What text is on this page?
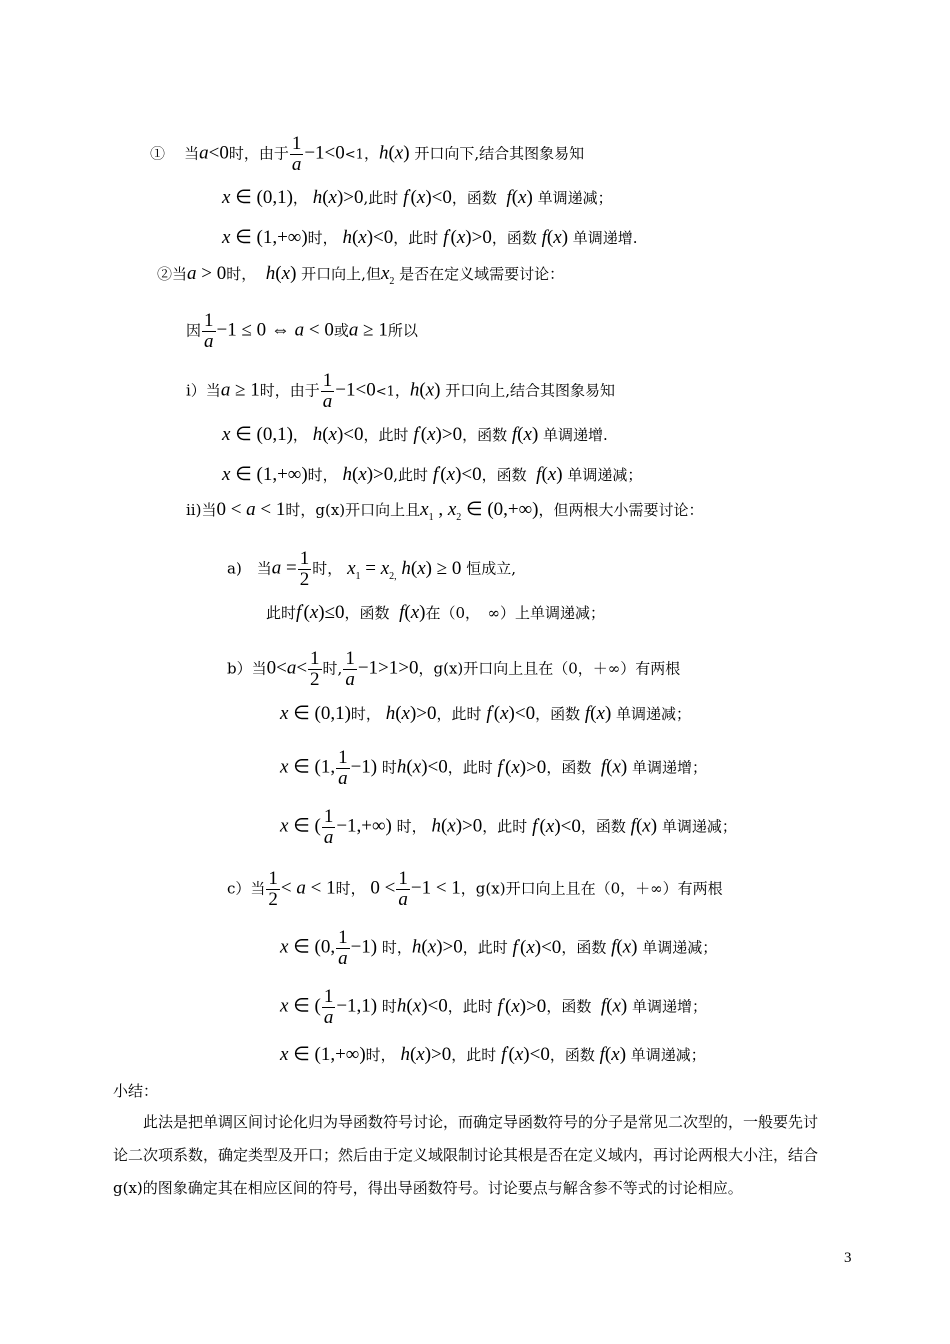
① 当a<0时，由于 $\frac{1}{a} -1<0<1$，h(x) 开口向下,结合其图象易知
x ∈ (0,1)， h(x)>0,此时 f′(x)<0，函数 f(x) 单调递减；
x ∈ (1,+∞)时， h(x)<0，此时 f′(x)>0，函数 f(x) 单调递增.
②当a > 0时， h(x) 开口向上,但$x_2$ 是否在定义域需要讨论：
因 $\frac{1}{a} -1 \le 0$ ⇔ a < 0或a ≥ 1所以
i）当a ≥ 1时，由于 $\frac{1}{a} -1<0<1$，h(x) 开口向上,结合其图象易知
x ∈ (0,1)， h(x)<0，此时 f′(x)>0，函数 f(x) 单调递增.
x ∈ (1,+∞)时， h(x)>0,此时 f′(x)<0，函数 f(x) 单调递减；
ii)当0 < a < 1时，g(x)开口向上且$x_1$ , $x_2$ ∈ (0,+∞)，但两根大小需要讨论：
a)　当$a = \frac{1}{2}$ 时， $x_1 = x_{2,}$ h(x) ≥ 0 恒成立,
此时f′(x)≤0，函数 f(x)在（0，　∞）上单调递减；
b）当$0<a< \frac{1}{2}$ 时, $\frac{1}{a} -1>1>0$，g(x)开口向上且在（0，＋∞）有两根
x ∈ (0,1)时， h(x)>0，此时 f′(x)<0，函数 f(x) 单调递减；
x ∈ (1, $\frac{1}{a} -1$) 时h(x)<0，此时 f′(x)>0，函数 f(x) 单调递增；
x ∈ ( $\frac{1}{a} -1,+\infty$) 时， h(x)>0，此时 f′(x)<0，函数 f(x) 单调递减；
c）当 $\frac{1}{2} < a < 1$时， $0 < \frac{1}{a} -1 < 1$，g(x)开口向上且在（0，＋∞）有两根
x ∈ (0, $\frac{1}{a} -1$) 时，h(x)>0，此时 f′(x)<0，函数 f(x) 单调递减；
x ∈ ( $\frac{1}{a} -1,1$) 时h(x)<0，此时 f′(x)>0，函数 f(x) 单调递增；
x ∈ (1,+∞)时， h(x)>0，此时 f′(x)<0，函数 f(x) 单调递减；
小结：
此法是把单调区间讨论化归为导函数符号讨论，而确定导函数符号的分子是常见二次型的，一般要先讨论二次项系数，确定类型及开口；然后由于定义域限制讨论其根是否在定义域内，再讨论两根大小注，结合g(x)的图象确定其在相应区间的符号，得出导函数符号。讨论要点与解含参不等式的讨论相应。
3
